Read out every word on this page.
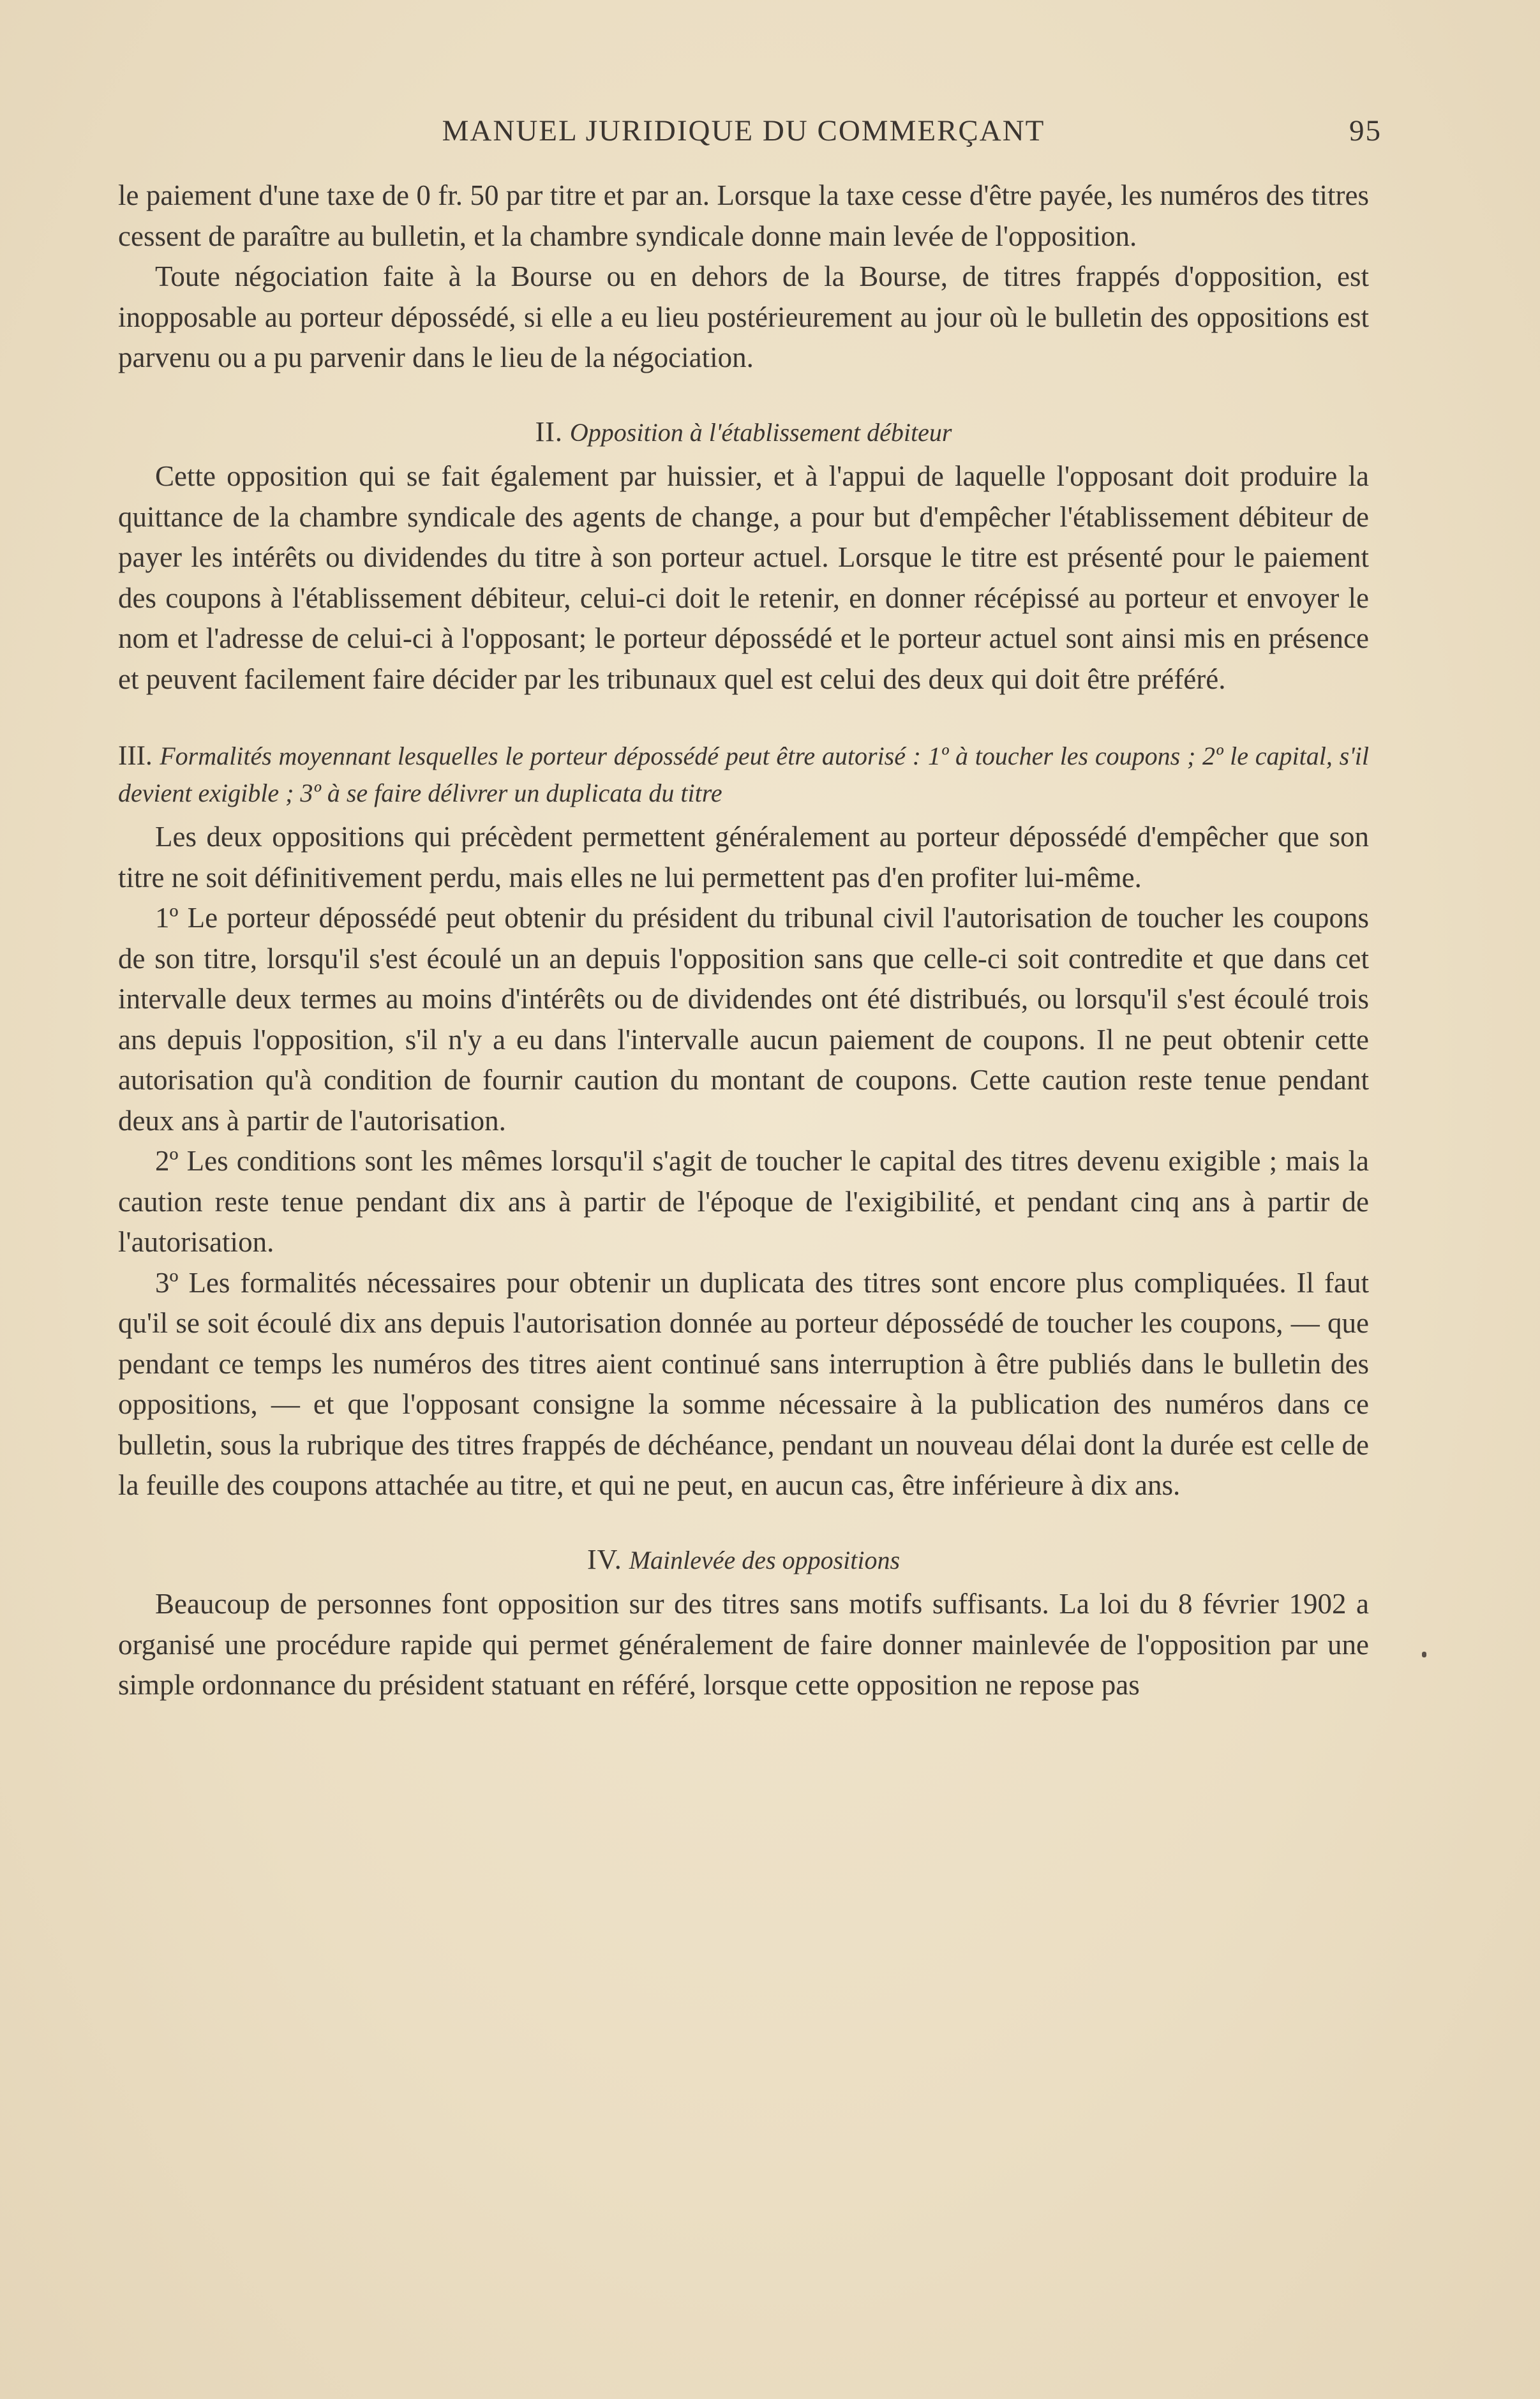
MANUEL JURIDIQUE DU COMMERÇANT	95

le paiement d'une taxe de 0 fr. 50 par titre et par an. Lorsque la taxe cesse d'être payée, les numéros des titres cessent de paraître au bulletin, et la chambre syndicale donne main levée de l'opposition.

Toute négociation faite à la Bourse ou en dehors de la Bourse, de titres frappés d'opposition, est inopposable au porteur dépossédé, si elle a eu lieu postérieurement au jour où le bulletin des oppositions est parvenu ou a pu parvenir dans le lieu de la négociation.

II. Opposition à l'établissement débiteur

Cette opposition qui se fait également par huissier, et à l'appui de laquelle l'opposant doit produire la quittance de la chambre syndicale des agents de change, a pour but d'empêcher l'établissement débiteur de payer les intérêts ou dividendes du titre à son porteur actuel. Lorsque le titre est présenté pour le paiement des coupons à l'établissement débiteur, celui-ci doit le retenir, en donner récépissé au porteur et envoyer le nom et l'adresse de celui-ci à l'opposant; le porteur dépossédé et le porteur actuel sont ainsi mis en présence et peuvent facilement faire décider par les tribunaux quel est celui des deux qui doit être préféré.

III. Formalités moyennant lesquelles le porteur dépossédé peut être autorisé : 1º à toucher les coupons ; 2º le capital, s'il devient exigible ; 3º à se faire délivrer un duplicata du titre

Les deux oppositions qui précèdent permettent généralement au porteur dépossédé d'empêcher que son titre ne soit définitivement perdu, mais elles ne lui permettent pas d'en profiter lui-même.

1º Le porteur dépossédé peut obtenir du président du tribunal civil l'autorisation de toucher les coupons de son titre, lorsqu'il s'est écoulé un an depuis l'opposition sans que celle-ci soit contredite et que dans cet intervalle deux termes au moins d'intérêts ou de dividendes ont été distribués, ou lorsqu'il s'est écoulé trois ans depuis l'opposition, s'il n'y a eu dans l'intervalle aucun paiement de coupons. Il ne peut obtenir cette autorisation qu'à condition de fournir caution du montant de coupons. Cette caution reste tenue pendant deux ans à partir de l'autorisation.

2º Les conditions sont les mêmes lorsqu'il s'agit de toucher le capital des titres devenu exigible ; mais la caution reste tenue pendant dix ans à partir de l'époque de l'exigibilité, et pendant cinq ans à partir de l'autorisation.

3º Les formalités nécessaires pour obtenir un duplicata des titres sont encore plus compliquées. Il faut qu'il se soit écoulé dix ans depuis l'autorisation donnée au porteur dépossédé de toucher les coupons, — que pendant ce temps les numéros des titres aient continué sans interruption à être publiés dans le bulletin des oppositions, — et que l'opposant consigne la somme nécessaire à la publication des numéros dans ce bulletin, sous la rubrique des titres frappés de déchéance, pendant un nouveau délai dont la durée est celle de la feuille des coupons attachée au titre, et qui ne peut, en aucun cas, être inférieure à dix ans.

IV. Mainlevée des oppositions

Beaucoup de personnes font opposition sur des titres sans motifs suffisants. La loi du 8 février 1902 a organisé une procédure rapide qui permet généralement de faire donner mainlevée de l'opposition par une simple ordonnance du président statuant en référé, lorsque cette opposition ne repose pas
